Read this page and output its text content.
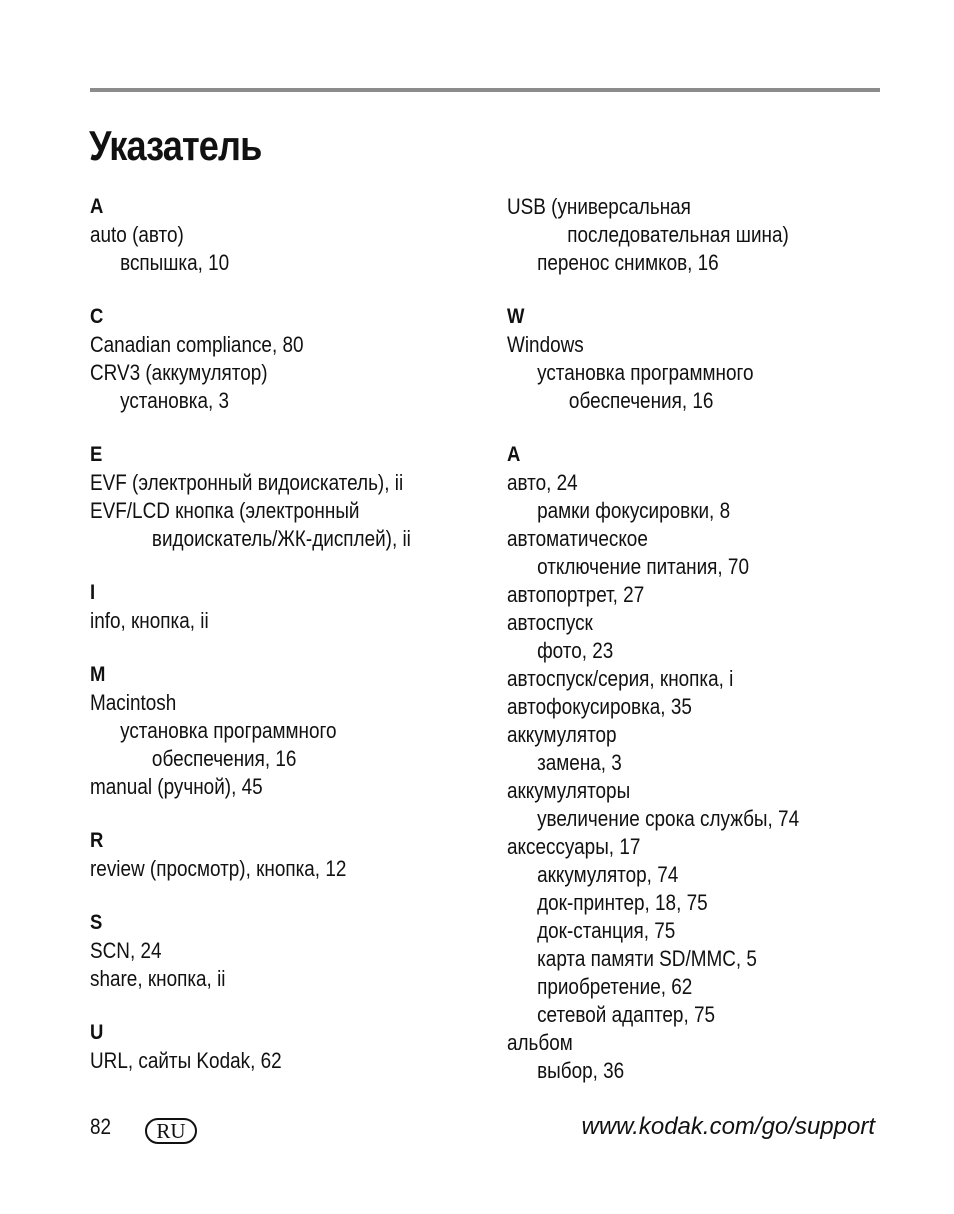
Указатель
A
auto (авто)
вспышка, 10
C
Canadian compliance, 80
CRV3 (аккумулятор)
установка, 3
E
EVF (электронный видоискатель), ii
EVF/LCD кнопка (электронный
видоискатель/ЖК-дисплей), ii
I
info, кнопка, ii
M
Macintosh
установка программного
обеспечения, 16
manual (ручной), 45
R
review (просмотр), кнопка, 12
S
SCN, 24
share, кнопка, ii
U
URL, сайты Kodak, 62
USB (универсальная
последовательная шина)
перенос снимков, 16
W
Windows
установка программного
обеспечения, 16
А
авто, 24
рамки фокусировки, 8
автоматическое
отключение питания, 70
автопортрет, 27
автоспуск
фото, 23
автоспуск/серия, кнопка, i
автофокусировка, 35
аккумулятор
замена, 3
аккумуляторы
увеличение срока службы, 74
аксессуары, 17
аккумулятор, 74
док-принтер, 18, 75
док-станция, 75
карта памяти SD/MMC, 5
приобретение, 62
сетевой адаптер, 75
альбом
выбор, 36
82	RU	www.kodak.com/go/support
